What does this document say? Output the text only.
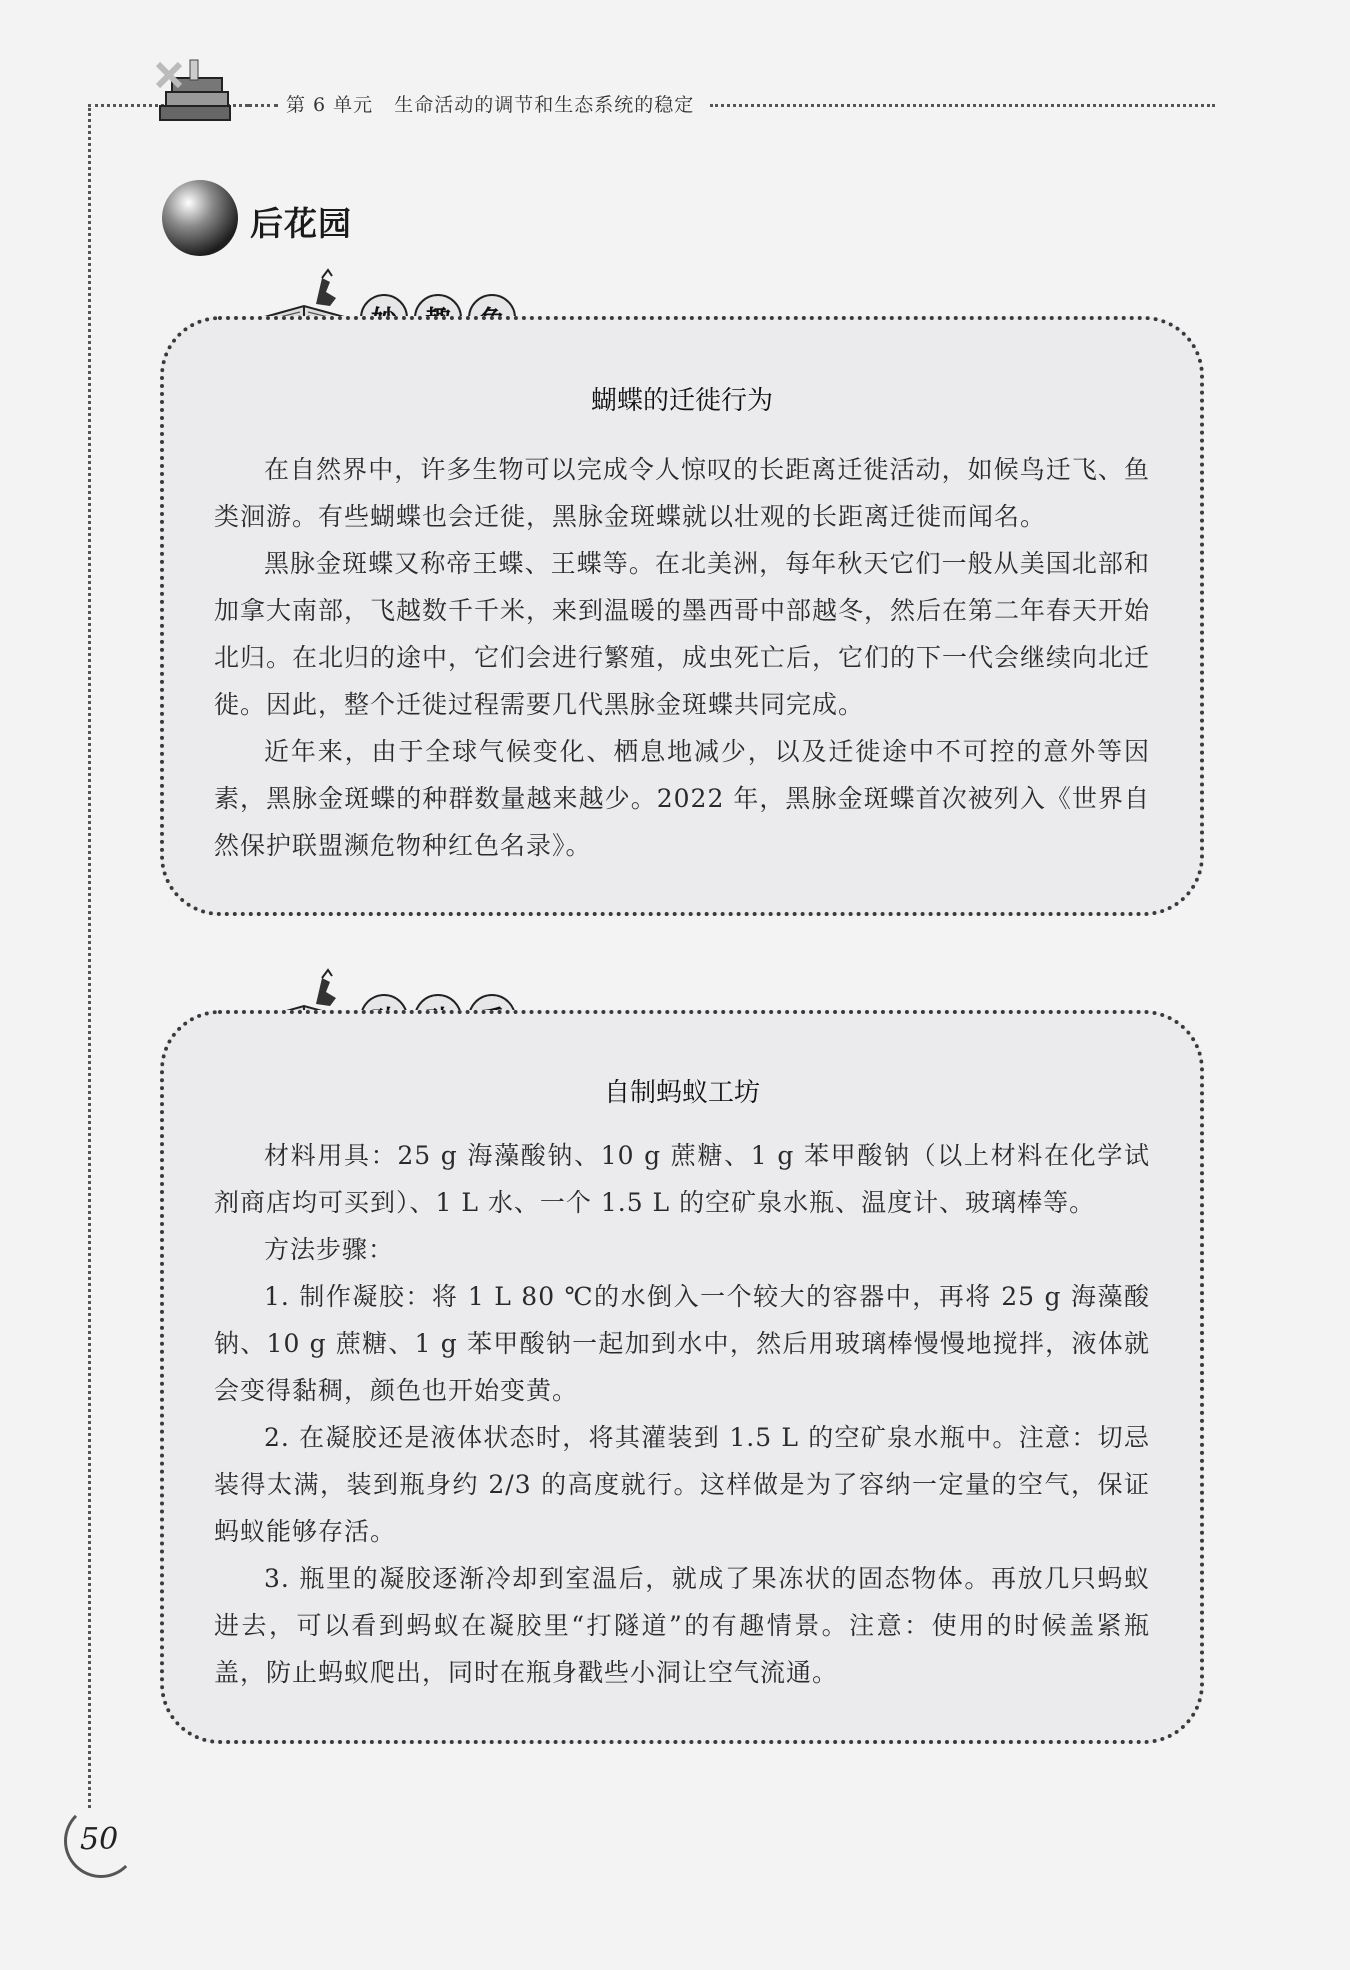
第 6 单元 生命活动的调节和生态系统的稳定
后花园
蝴蝶的迁徙行为

在自然界中，许多生物可以完成令人惊叹的长距离迁徙活动，如候鸟迁飞、鱼类洄游。有些蝴蝶也会迁徙，黑脉金斑蝶就以壮观的长距离迁徙而闻名。

黑脉金斑蝶又称帝王蝶、王蝶等。在北美洲，每年秋天它们一般从美国北部和加拿大南部，飞越数千千米，来到温暖的墨西哥中部越冬，然后在第二年春天开始北归。在北归的途中，它们会进行繁殖，成虫死亡后，它们的下一代会继续向北迁徙。因此，整个迁徙过程需要几代黑脉金斑蝶共同完成。

近年来，由于全球气候变化、栖息地减少，以及迁徙途中不可控的意外等因素，黑脉金斑蝶的种群数量越来越少。2022 年，黑脉金斑蝶首次被列入《世界自然保护联盟濒危物种红色名录》。

自制蚂蚁工坊

材料用具：25 g 海藻酸钠、10 g 蔗糖、1 g 苯甲酸钠（以上材料在化学试剂商店均可买到）、1 L 水、一个 1.5 L 的空矿泉水瓶、温度计、玻璃棒等。

方法步骤：

1. 制作凝胶：将 1 L 80 ℃的水倒入一个较大的容器中，再将 25 g 海藻酸钠、10 g 蔗糖、1 g 苯甲酸钠一起加到水中，然后用玻璃棒慢慢地搅拌，液体就会变得黏稠，颜色也开始变黄。

2. 在凝胶还是液体状态时，将其灌装到 1.5 L 的空矿泉水瓶中。注意：切忌装得太满，装到瓶身约 2/3 的高度就行。这样做是为了容纳一定量的空气，保证蚂蚁能够存活。

3. 瓶里的凝胶逐渐冷却到室温后，就成了果冻状的固态物体。再放几只蚂蚁进去，可以看到蚂蚁在凝胶里“打隧道”的有趣情景。注意：使用的时候盖紧瓶盖，防止蚂蚁爬出，同时在瓶身戳些小洞让空气流通。

50
